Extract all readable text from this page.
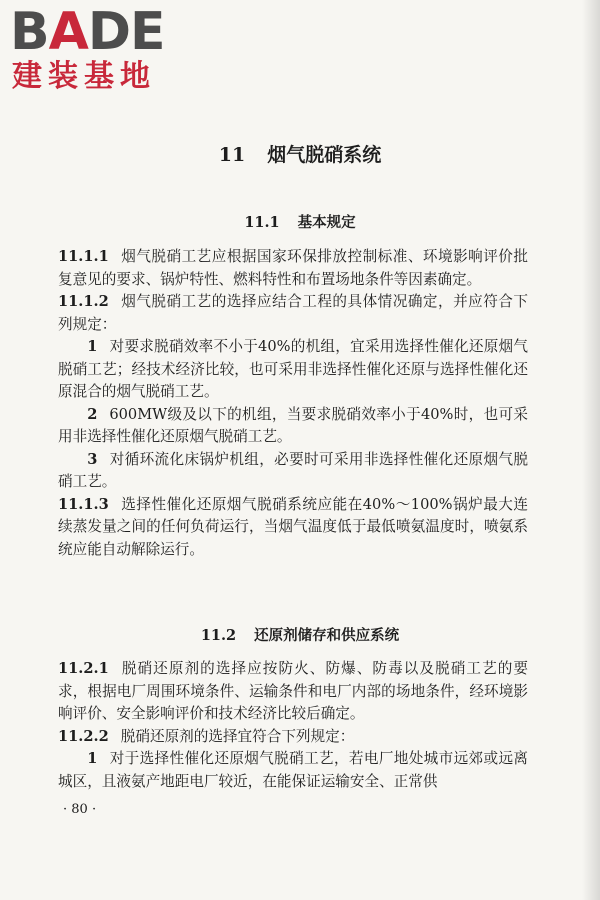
BADE
建装基地
11 烟气脱硝系统
11.1 基本规定

11.1.1 烟气脱硝工艺应根据国家环保排放控制标准、环境影响评价批复意见的要求、锅炉特性、燃料特性和布置场地条件等因素确定。

11.1.2 烟气脱硝工艺的选择应结合工程的具体情况确定，并应符合下列规定：

1 对要求脱硝效率不小于40%的机组，宜采用选择性催化还原烟气脱硝工艺；经技术经济比较，也可采用非选择性催化还原与选择性催化还原混合的烟气脱硝工艺。

2 600MW级及以下的机组，当要求脱硝效率小于40%时，也可采用非选择性催化还原烟气脱硝工艺。

3 对循环流化床锅炉机组，必要时可采用非选择性催化还原烟气脱硝工艺。

11.1.3 选择性催化还原烟气脱硝系统应能在40%～100%锅炉最大连续蒸发量之间的任何负荷运行，当烟气温度低于最低喷氨温度时，喷氨系统应能自动解除运行。

11.2 还原剂储存和供应系统

11.2.1 脱硝还原剂的选择应按防火、防爆、防毒以及脱硝工艺的要求，根据电厂周围环境条件、运输条件和电厂内部的场地条件，经环境影响评价、安全影响评价和技术经济比较后确定。

11.2.2 脱硝还原剂的选择宜符合下列规定：

1 对于选择性催化还原烟气脱硝工艺，若电厂地处城市远郊或远离城区，且液氨产地距电厂较近，在能保证运输安全、正常供

· 80 ·
